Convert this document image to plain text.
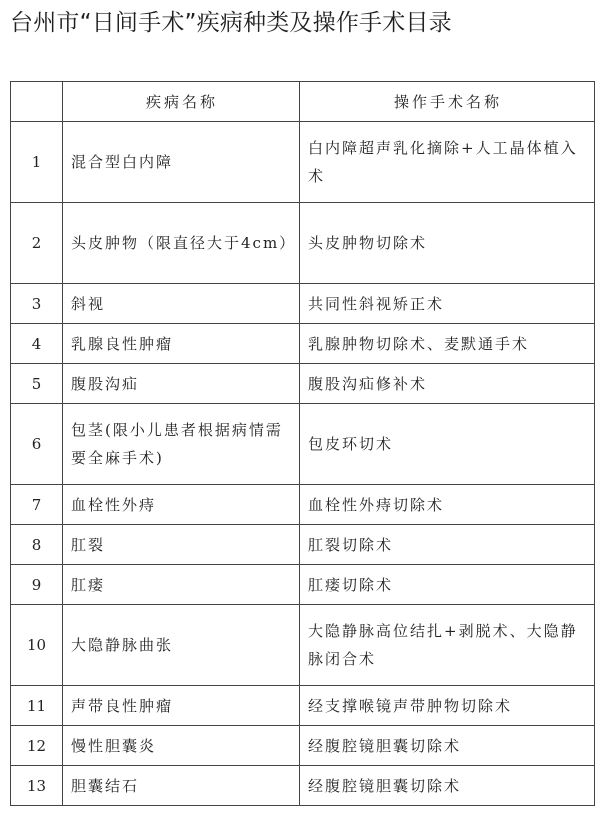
台州市“日间手术”疾病种类及操作手术目录
	疾病名称	操作手术名称
1	混合型白内障	白内障超声乳化摘除+人工晶体植入术
2	头皮肿物（限直径大于4cm）	头皮肿物切除术
3	斜视	共同性斜视矫正术
4	乳腺良性肿瘤	乳腺肿物切除术、麦默通手术
5	腹股沟疝	腹股沟疝修补术
6	包茎(限小儿患者根据病情需要全麻手术)	包皮环切术
7	血栓性外痔	血栓性外痔切除术
8	肛裂	肛裂切除术
9	肛瘘	肛瘘切除术
10	大隐静脉曲张	大隐静脉高位结扎+剥脱术、大隐静脉闭合术
11	声带良性肿瘤	经支撑喉镜声带肿物切除术
12	慢性胆囊炎	经腹腔镜胆囊切除术
13	胆囊结石	经腹腔镜胆囊切除术
